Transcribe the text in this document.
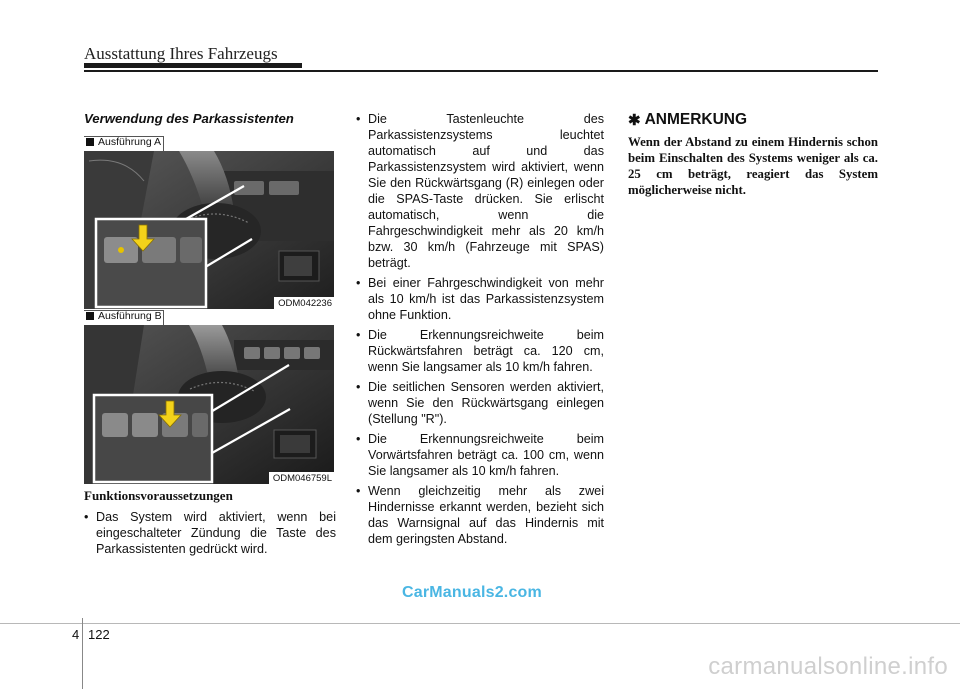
Ausstattung Ihres Fahrzeugs
Verwendung des Parkassistenten
Ausführung A
ODM042236
Ausführung B
ODM046759L
Funktionsvoraussetzungen
• Das System wird aktiviert, wenn bei eingeschalteter Zündung die Taste des Parkassistenten gedrückt wird.
• Die Tastenleuchte des Parkassistenzsystems leuchtet automatisch auf und das Parkassistenzsystem wird aktiviert, wenn Sie den Rückwärtsgang (R) einlegen oder die SPAS-Taste drücken. Sie erlischt automatisch, wenn die Fahrgeschwindigkeit mehr als 20 km/h bzw. 30 km/h (Fahrzeuge mit SPAS) beträgt.
• Bei einer Fahrgeschwindigkeit von mehr als 10 km/h ist das Parkassistenzsystem ohne Funktion.
• Die Erkennungsreichweite beim Rückwärtsfahren beträgt ca. 120 cm, wenn Sie langsamer als 10 km/h fahren.
• Die seitlichen Sensoren werden aktiviert, wenn Sie den Rückwärtsgang einlegen (Stellung "R").
• Die Erkennungsreichweite beim Vorwärtsfahren beträgt ca. 100 cm, wenn Sie langsamer als 10 km/h fahren.
• Wenn gleichzeitig mehr als zwei Hindernisse erkannt werden, bezieht sich das Warnsignal auf das Hindernis mit dem geringsten Abstand.
✱ ANMERKUNG
Wenn der Abstand zu einem Hindernis schon beim Einschalten des Systems weniger als ca. 25 cm beträgt, reagiert das System möglicherweise nicht.
CarManuals2.com
4 122
carmanualsonline.info
